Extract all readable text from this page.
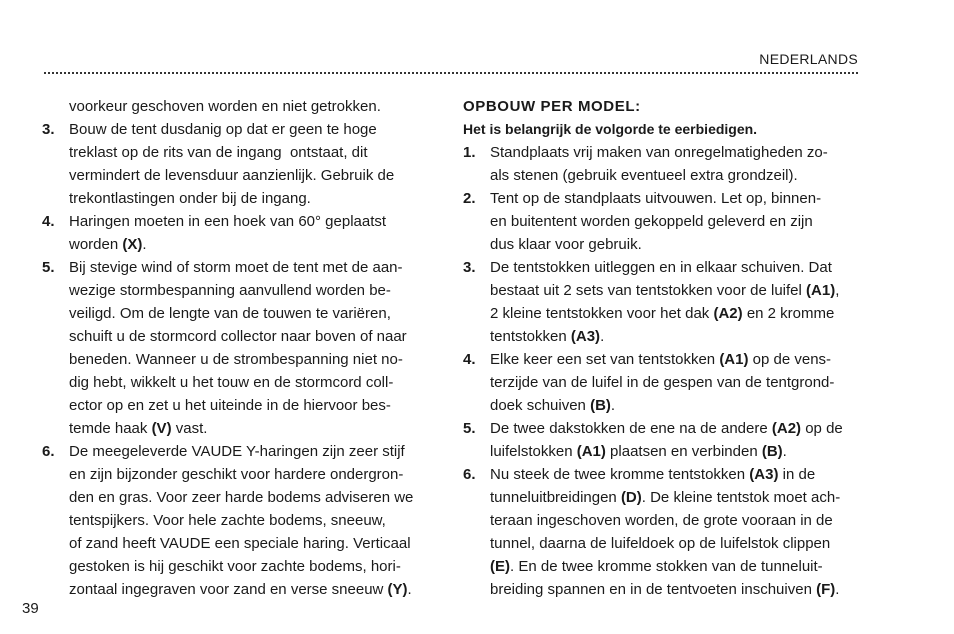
NEDERLANDS
voorkeur geschoven worden en niet getrokken.
3. Bouw de tent dusdanig op dat er geen te hoge
treklast op de rits van de ingang  ontstaat, dit
vermindert de levensduur aanzienlijk. Gebruik de
trekontlastingen onder bij de ingang.
4. Haringen moeten in een hoek van 60° geplaatst
worden (X).
5. Bij stevige wind of storm moet de tent met de aan-
wezige stormbespanning aanvullend worden be-
veiligd. Om de lengte van de touwen te variëren,
schuift u de stormcord collector naar boven of naar
beneden. Wanneer u de strombespanning niet no-
dig hebt, wikkelt u het touw en de stormcord coll-
ector op en zet u het uiteinde in de hiervoor bes-
temde haak (V) vast.
6. De meegeleverde VAUDE Y-haringen zijn zeer stijf
en zijn bijzonder geschikt voor hardere ondergron-
den en gras. Voor zeer harde bodems adviseren we
tentspijkers. Voor hele zachte bodems, sneeuw,
of zand heeft VAUDE een speciale haring. Verticaal
gestoken is hij geschikt voor zachte bodems, hori-
zontaal ingegraven voor zand en verse sneeuw (Y).
OPBOUW PER MODEL:
Het is belangrijk de volgorde te eerbiedigen.
1. Standplaats vrij maken van onregelmatigheden zo-
als stenen (gebruik eventueel extra grondzeil).
2. Tent op de standplaats uitvouwen. Let op, binnen-
en buitentent worden gekoppeld geleverd en zijn
dus klaar voor gebruik.
3. De tentstokken uitleggen en in elkaar schuiven. Dat
bestaat uit 2 sets van tentstokken voor de luifel (A1),
2 kleine tentstokken voor het dak (A2) en 2 kromme
tentstokken (A3).
4. Elke keer een set van tentstokken (A1) op de vens-
terzijde van de luifel in de gespen van de tentgrond-
doek schuiven (B).
5. De twee dakstokken de ene na de andere (A2) op de
luifelstokken (A1) plaatsen en verbinden (B).
6. Nu steek de twee kromme tentstokken (A3) in de
tunneluitbreidingen (D). De kleine tentstok moet ach-
teraan ingeschoven worden, de grote vooraan in de
tunnel, daarna de luifeldoek op de luifelstok clippen
(E). En de twee kromme stokken van de tunneluit-
breiding spannen en in de tentvoeten inschuiven (F).
39
